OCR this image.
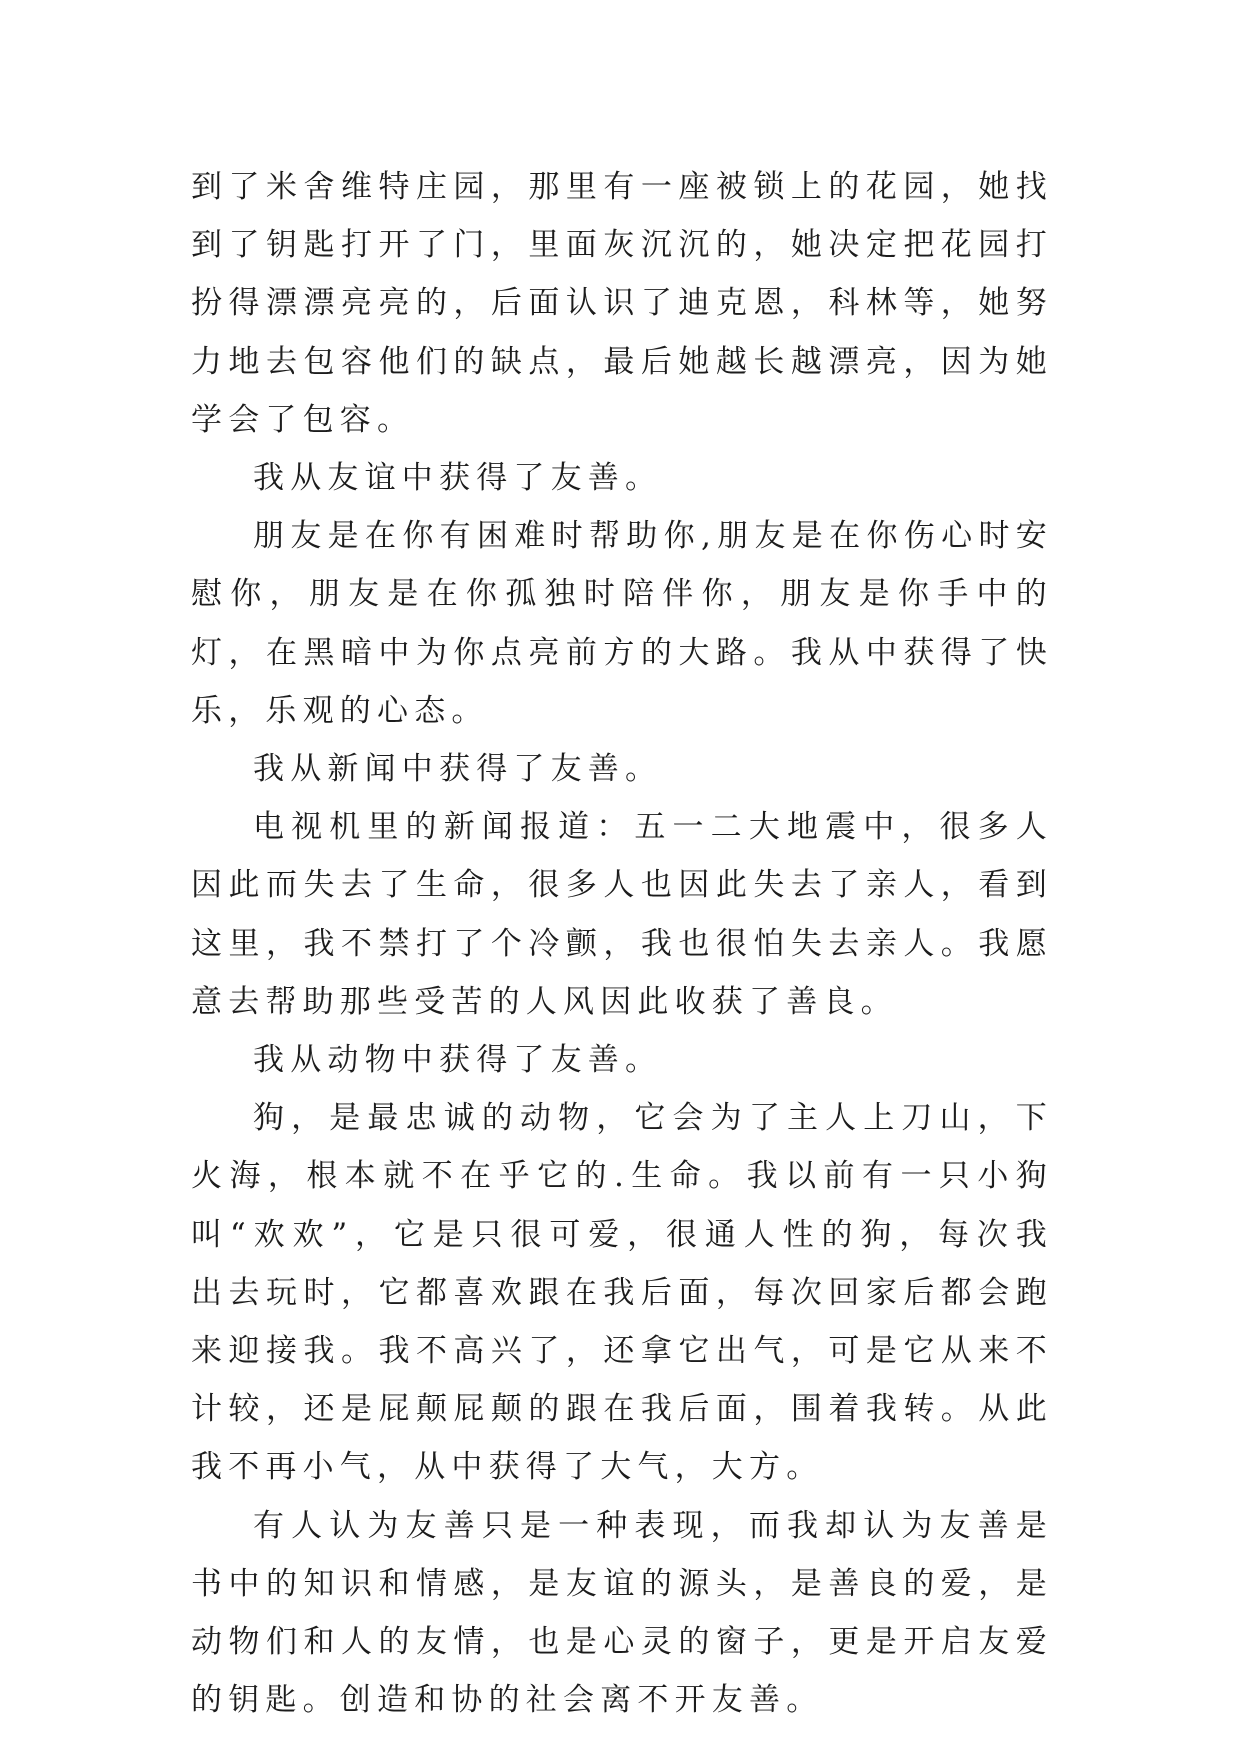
到了米舍维特庄园，那里有一座被锁上的花园，她找到了钥匙打开了门，里面灰沉沉的，她决定把花园打扮得漂漂亮亮的，后面认识了迪克恩，科林等，她努力地去包容他们的缺点，最后她越长越漂亮，因为她学会了包容。

我从友谊中获得了友善。

朋友是在你有困难时帮助你,朋友是在你伤心时安慰你，朋友是在你孤独时陪伴你，朋友是你手中的灯，在黑暗中为你点亮前方的大路。我从中获得了快乐，乐观的心态。

我从新闻中获得了友善。

电视机里的新闻报道：五一二大地震中，很多人因此而失去了生命，很多人也因此失去了亲人，看到这里，我不禁打了个冷颤，我也很怕失去亲人。我愿意去帮助那些受苦的人风因此收获了善良。

我从动物中获得了友善。

狗，是最忠诚的动物，它会为了主人上刀山，下火海，根本就不在乎它的.生命。我以前有一只小狗叫“欢欢”，它是只很可爱，很通人性的狗，每次我出去玩时，它都喜欢跟在我后面，每次回家后都会跑来迎接我。我不高兴了，还拿它出气，可是它从来不计较，还是屁颠屁颠的跟在我后面，围着我转。从此我不再小气，从中获得了大气，大方。

有人认为友善只是一种表现，而我却认为友善是书中的知识和情感，是友谊的源头，是善良的爱，是动物们和人的友情，也是心灵的窗子，更是开启友爱的钥匙。创造和协的社会离不开友善。
